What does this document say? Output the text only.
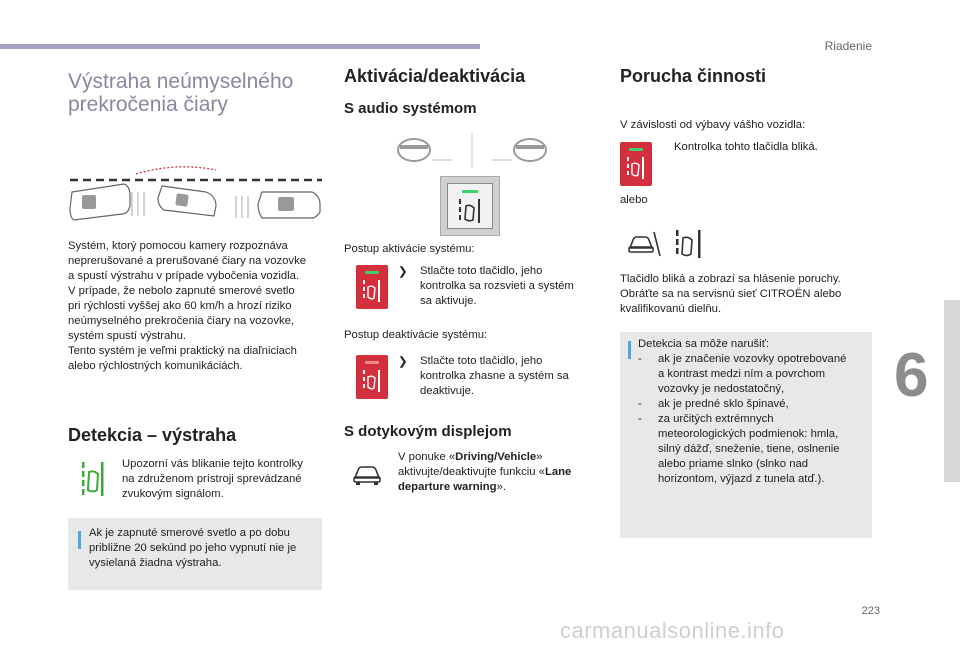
Riadenie
6
223
Výstraha neúmyselného prekročenia čiary
Systém, ktorý pomocou kamery rozpoznáva
neprerušované a prerušované čiary na vozovke
a spustí výstrahu v prípade vybočenia vozidla.
V prípade, že nebolo zapnuté smerové svetlo
pri rýchlosti vyššej ako 60 km/h a hrozí riziko
neúmyselného prekročenia čiary na vozovke,
systém spustí výstrahu.
Tento systém je veľmi praktický na diaľniciach
alebo rýchlostných komunikáciách.
Detekcia – výstraha
Upozorní vás blikanie tejto kontrolky
na združenom prístroji sprevádzané
zvukovým signálom.
Ak je zapnuté smerové svetlo a po dobu
približne 20 sekúnd po jeho vypnutí nie je
vysielaná žiadna výstraha.
Aktivácia/deaktivácia
S audio systémom
Postup aktivácie systému:
❯ Stlačte toto tlačidlo, jeho
kontrolka sa rozsvieti a systém
sa aktivuje.
Postup deaktivácie systému:
❯ Stlačte toto tlačidlo, jeho
kontrolka zhasne a systém sa
deaktivuje.
S dotykovým displejom
V ponuke «Driving/Vehicle»
aktivujte/deaktivujte funkciu «Lane
departure warning».
Porucha činnosti
V závislosti od výbavy vášho vozidla:
Kontrolka tohto tlačidla bliká.
alebo
Tlačidlo bliká a zobrazí sa hlásenie poruchy.
Obráťte sa na servisnú sieť CITROËN alebo
kvalifikovanú dielňu.
Detekcia sa môže narušiť:
-	ak je značenie vozovky opotrebované
a kontrast medzi ním a povrchom
vozovky je nedostatočný,
-	ak je predné sklo špinavé,
-	za určitých extrémnych
meteorologických podmienok: hmla,
silný dážď, sneženie, tiene, oslnenie
alebo priame slnko (slnko nad
horizontom, výjazd z tunela atď.).
carmanualsonline.info
